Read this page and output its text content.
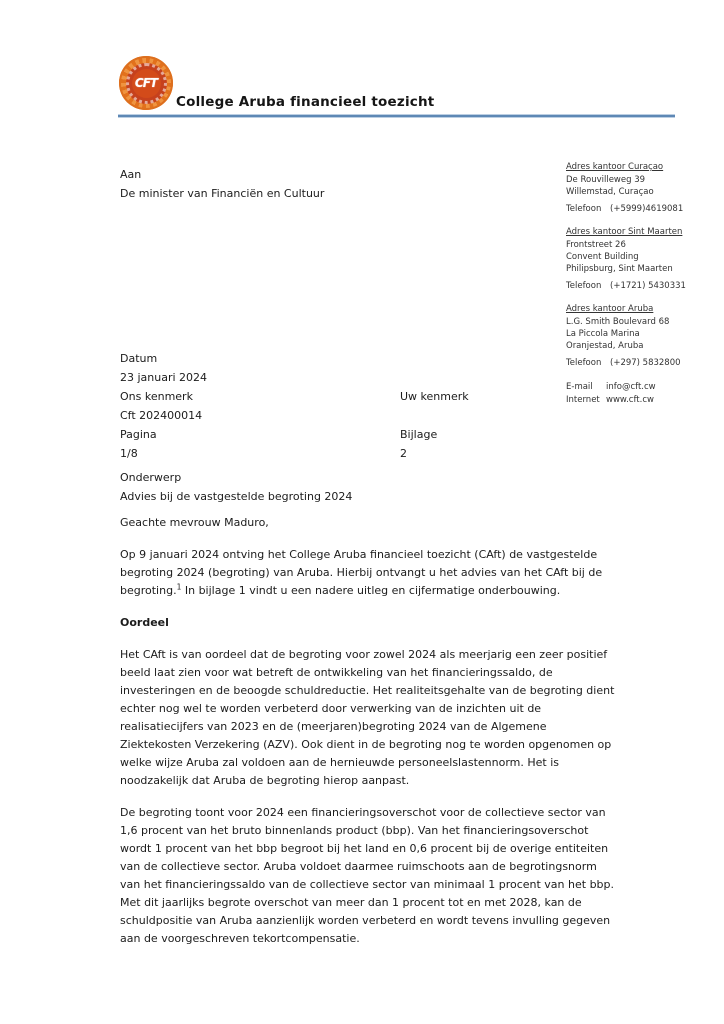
CFT
College Aruba financieel toezicht
Aan
De minister van Financiën en Cultuur
Adres kantoor Curaçao
De Rouvilleweg 39
Willemstad, Curaçao
Telefoon	(+5999)4619081
Adres kantoor Sint Maarten
Frontstreet 26
Convent Building
Philipsburg, Sint Maarten
Telefoon	(+1721) 5430331
Adres kantoor Aruba
L.G. Smith Boulevard 68
La Piccola Marina
Oranjestad, Aruba
Telefoon	(+297) 5832800
E-mail	info@cft.cw
Internet www.cft.cw
Datum
23 januari 2024
Ons kenmerk	Uw kenmerk
Cft 202400014
Pagina	Bijlage
1/8	2
Onderwerp
Advies bij de vastgestelde begroting 2024

Geachte mevrouw Maduro,

Op 9 januari 2024 ontving het College Aruba financieel toezicht (CAft) de vastgestelde begroting 2024 (begroting) van Aruba. Hierbij ontvangt u het advies van het CAft bij de begroting.$^1$ In bijlage 1 vindt u een nadere uitleg en cijfermatige onderbouwing.

Oordeel

Het CAft is van oordeel dat de begroting voor zowel 2024 als meerjarig een zeer positief beeld laat zien voor wat betreft de ontwikkeling van het financieringssaldo, de investeringen en de beoogde schuldreductie. Het realiteitsgehalte van de begroting dient echter nog wel te worden verbeterd door verwerking van de inzichten uit de realisatiecijfers van 2023 en de (meerjaren)begroting 2024 van de Algemene Ziektekosten Verzekering (AZV). Ook dient in de begroting nog te worden opgenomen op welke wijze Aruba zal voldoen aan de hernieuwde personeelslastennorm. Het is noodzakelijk dat Aruba de begroting hierop aanpast.

De begroting toont voor 2024 een financieringsoverschot voor de collectieve sector van 1,6 procent van het bruto binnenlands product (bbp). Van het financieringsoverschot wordt 1 procent van het bbp begroot bij het land en 0,6 procent bij de overige entiteiten van de collectieve sector. Aruba voldoet daarmee ruimschoots aan de begrotingsnorm van het financieringssaldo van de collectieve sector van minimaal 1 procent van het bbp. Met dit jaarlijks begrote overschot van meer dan 1 procent tot en met 2028, kan de schuldpositie van Aruba aanzienlijk worden verbeterd en wordt tevens invulling gegeven aan de voorgeschreven tekortcompensatie.
